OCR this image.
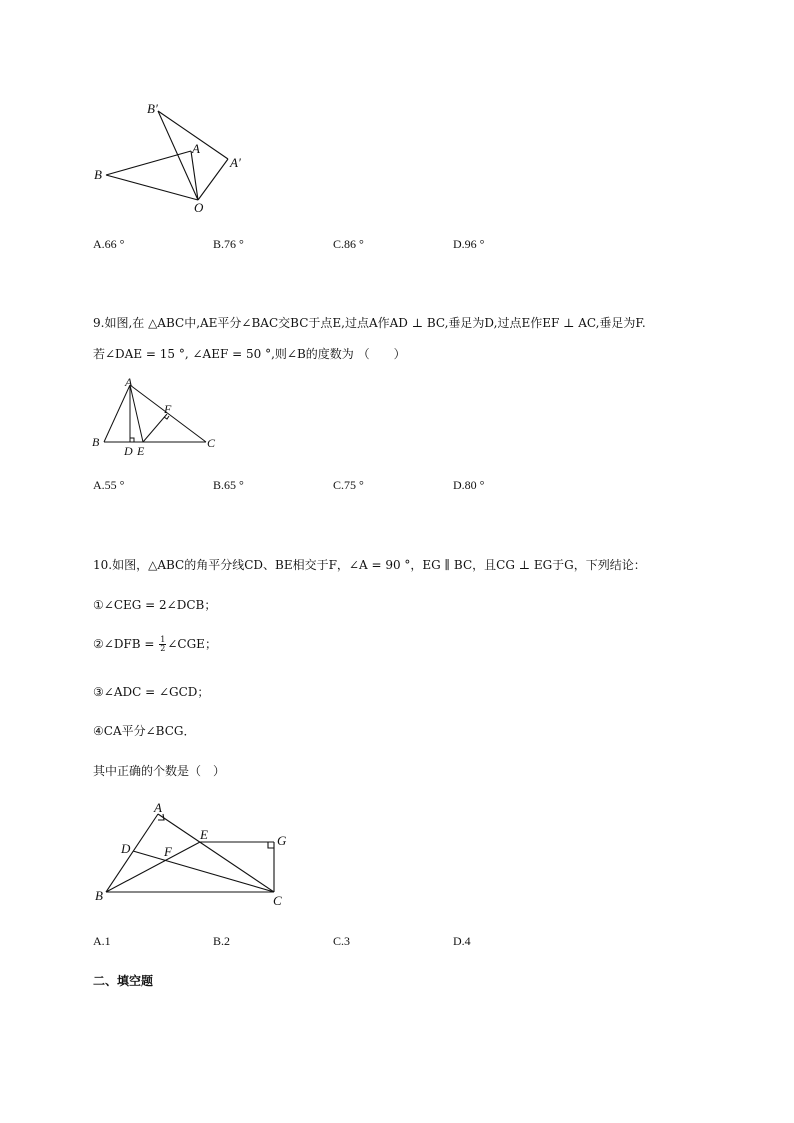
B′
A
A′
B
O
A.66 °	B.76 °	C.86 °	D.96 °
9.如图,在 △ABC中,AE平分∠BAC交BC于点E,过点A作AD ⊥ BC,垂足为D,过点E作EF ⊥ AC,垂足为F.
若∠DAE = 15 °, ∠AEF = 50 °,则∠B的度数为 （　　）
A
F
B
D E
C
A.55 °	B.65 °	C.75 °	D.80 °
10.如图，△ABC的角平分线CD、BE相交于F，∠A = 90 °，EG ∥ BC，且CG ⊥ EG于G，下列结论：
①∠CEG = 2∠DCB；
②∠DFB = $\frac{1}{2}$ ∠CGE；
③∠ADC = ∠GCD；
④CA平分∠BCG．
其中正确的个数是（　）
A
E	G
D	F
B	C
A.1	B.2	C.3	D.4
二、填空题
